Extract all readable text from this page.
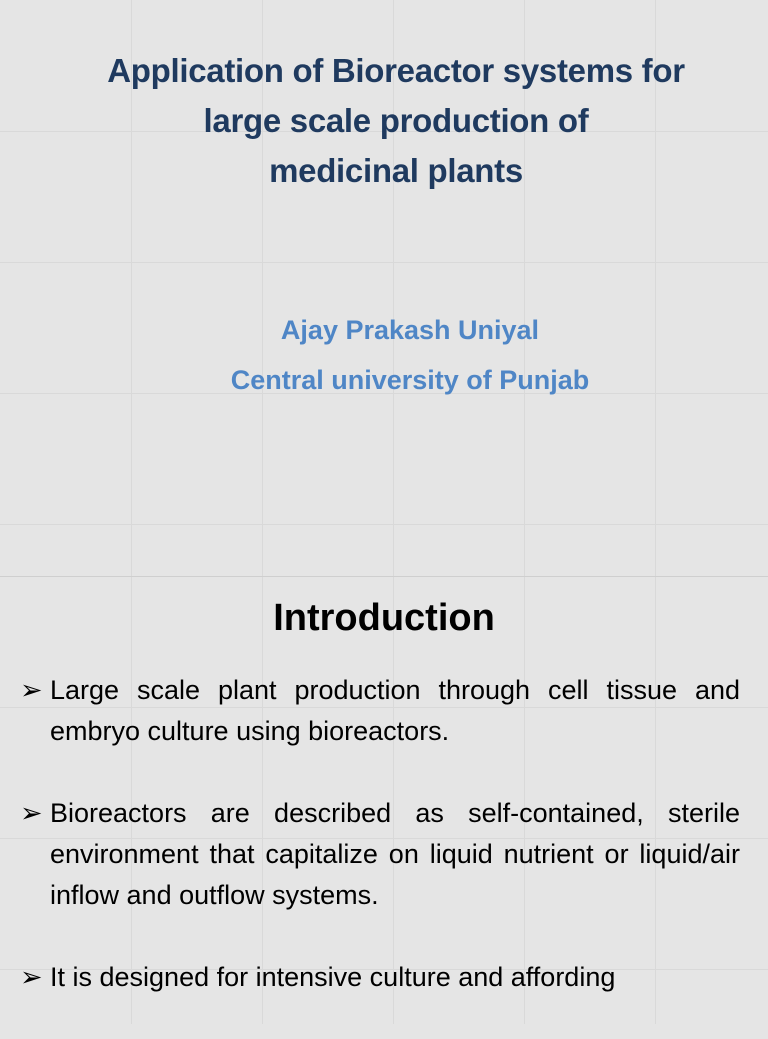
Application of Bioreactor systems for
large scale production of
medicinal plants
Ajay Prakash Uniyal
Central university of Punjab
Introduction
➢ Large scale plant production through cell tissue and embryo culture using bioreactors.
➢ Bioreactors are described as self-contained, sterile environment that capitalize on liquid nutrient or liquid/air inflow and outflow systems.
➢ It is designed for intensive culture and affording
